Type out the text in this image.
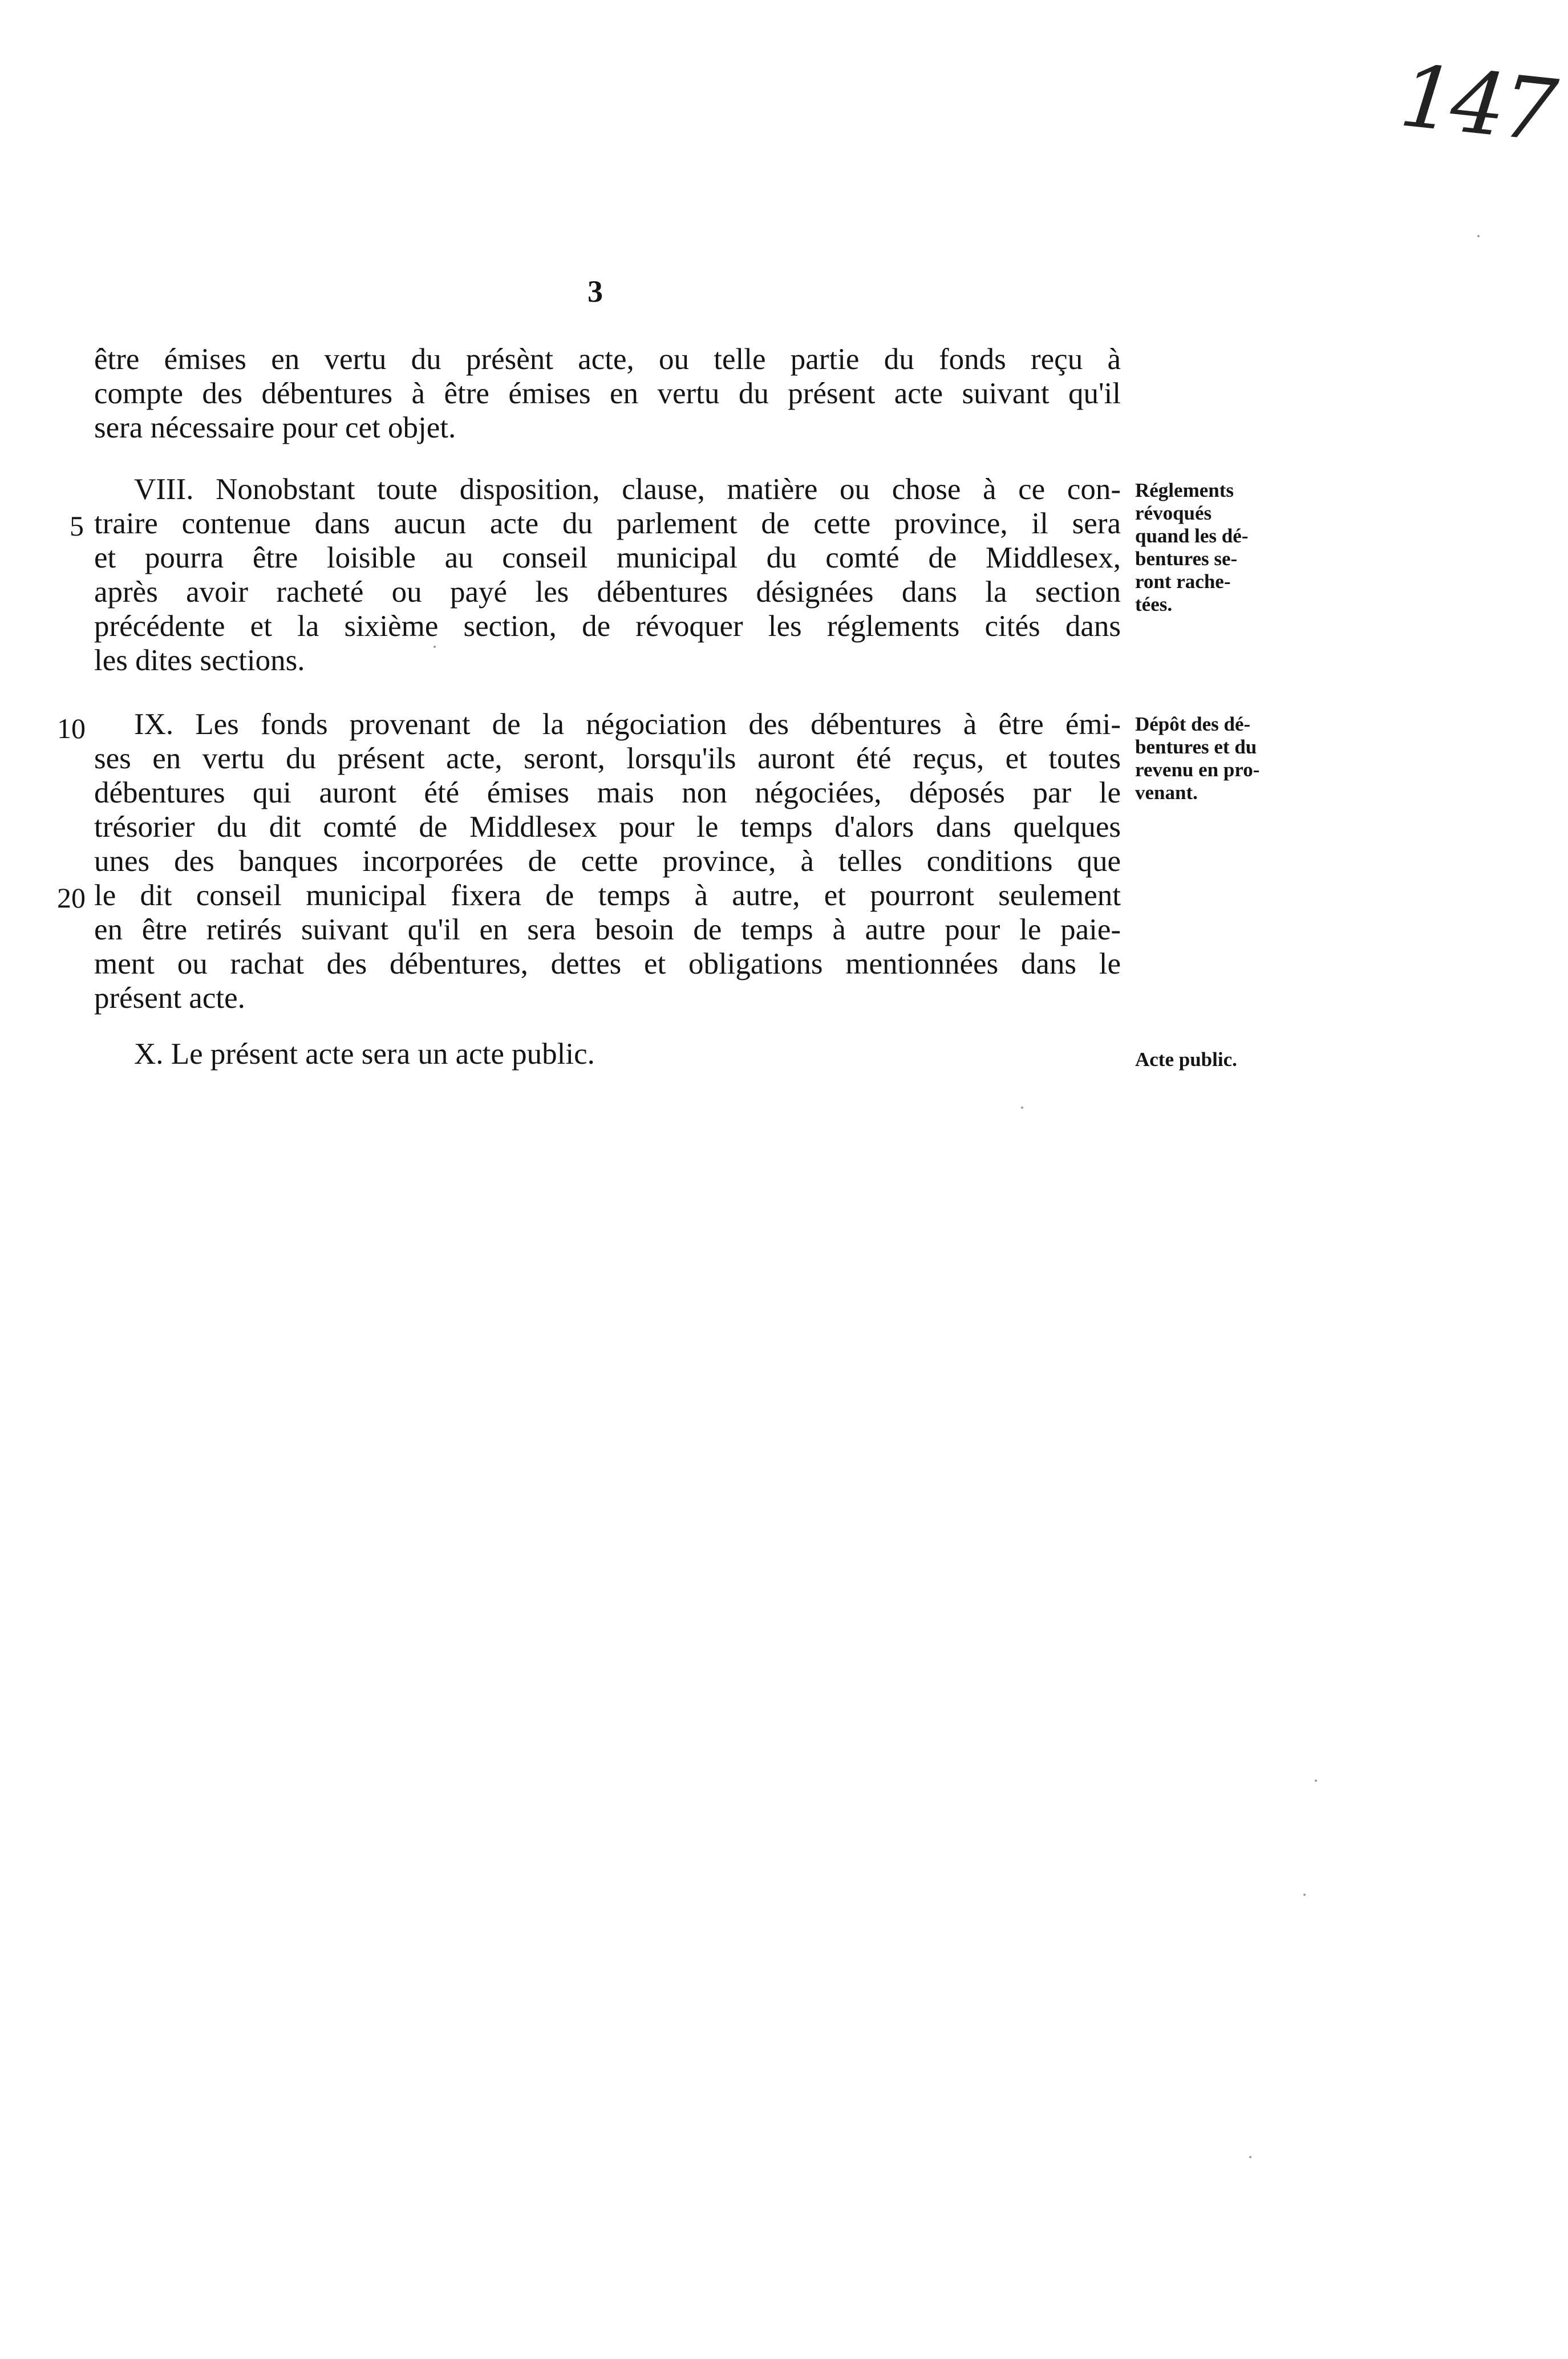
147
3
être émises en vertu du présènt acte, ou telle partie du fonds reçu à
compte des débentures à être émises en vertu du présent acte suivant qu'il
sera nécessaire pour cet objet.
VIII. Nonobstant toute disposition, clause, matière ou chose à ce con-
traire contenue dans aucun acte du parlement de cette province, il sera
et pourra être loisible au conseil municipal du comté de Middlesex,
après avoir racheté ou payé les débentures désignées dans la section
précédente et la sixième section, de révoquer les réglements cités dans
les dites sections.
Réglements
révoqués
quand les dé-
bentures se-
ront rache-
tées.
IX. Les fonds provenant de la négociation des débentures à être émi-
ses en vertu du présent acte, seront, lorsqu'ils auront été reçus, et toutes
débentures qui auront été émises mais non négociées, déposés par le
trésorier du dit comté de Middlesex pour le temps d'alors dans quelques
unes des banques incorporées de cette province, à telles conditions que
le dit conseil municipal fixera de temps à autre, et pourront seulement
en être retirés suivant qu'il en sera besoin de temps à autre pour le paie-
ment ou rachat des débentures, dettes et obligations mentionnées dans le
présent acte.
Dépôt des dé-
bentures et du
revenu en pro-
venant.
X. Le présent acte sera un acte public.	Acte public.
5
10
20
